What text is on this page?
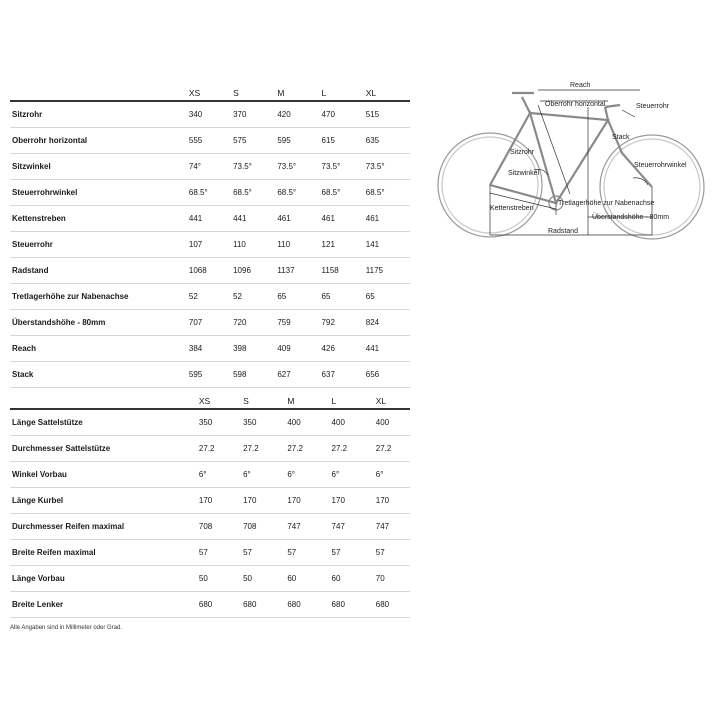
	XS	S	M	L	XL
Sitzrohr	340	370	420	470	515
Oberrohr horizontal	555	575	595	615	635
Sitzwinkel	74°	73.5°	73.5°	73.5°	73.5°
Steuerrohrwinkel	68.5°	68.5°	68.5°	68.5°	68.5°
Kettenstreben	441	441	461	461	461
Steuerrohr	107	110	110	121	141
Radstand	1068	1096	1137	1158	1175
Tretlagerhöhe zur Nabenachse	52	52	65	65	65
Überstandshöhe - 80mm	707	720	759	792	824
Reach	384	398	409	426	441
Stack	595	598	627	637	656
	XS	S	M	L	XL
Länge Sattelstütze	350	350	400	400	400
Durchmesser Sattelstütze	27.2	27.2	27.2	27.2	27.2
Winkel Vorbau	6°	6°	6°	6°	6°
Länge Kurbel	170	170	170	170	170
Durchmesser Reifen maximal	708	708	747	747	747
Breite Reifen maximal	57	57	57	57	57
Länge Vorbau	50	50	60	60	70
Breite Lenker	680	680	680	680	680
Alle Angaben sind in Millimeter oder Grad.
Reach
Oberrohr horizontal	Steuerrohr
Sitzrohr
Stack
Sitzwinkel
Steuerrohrwinkel
Kettenstreben
Tretlagerhöhe zur Nabenachse
Überstandshöhe - 80mm
Radstand
